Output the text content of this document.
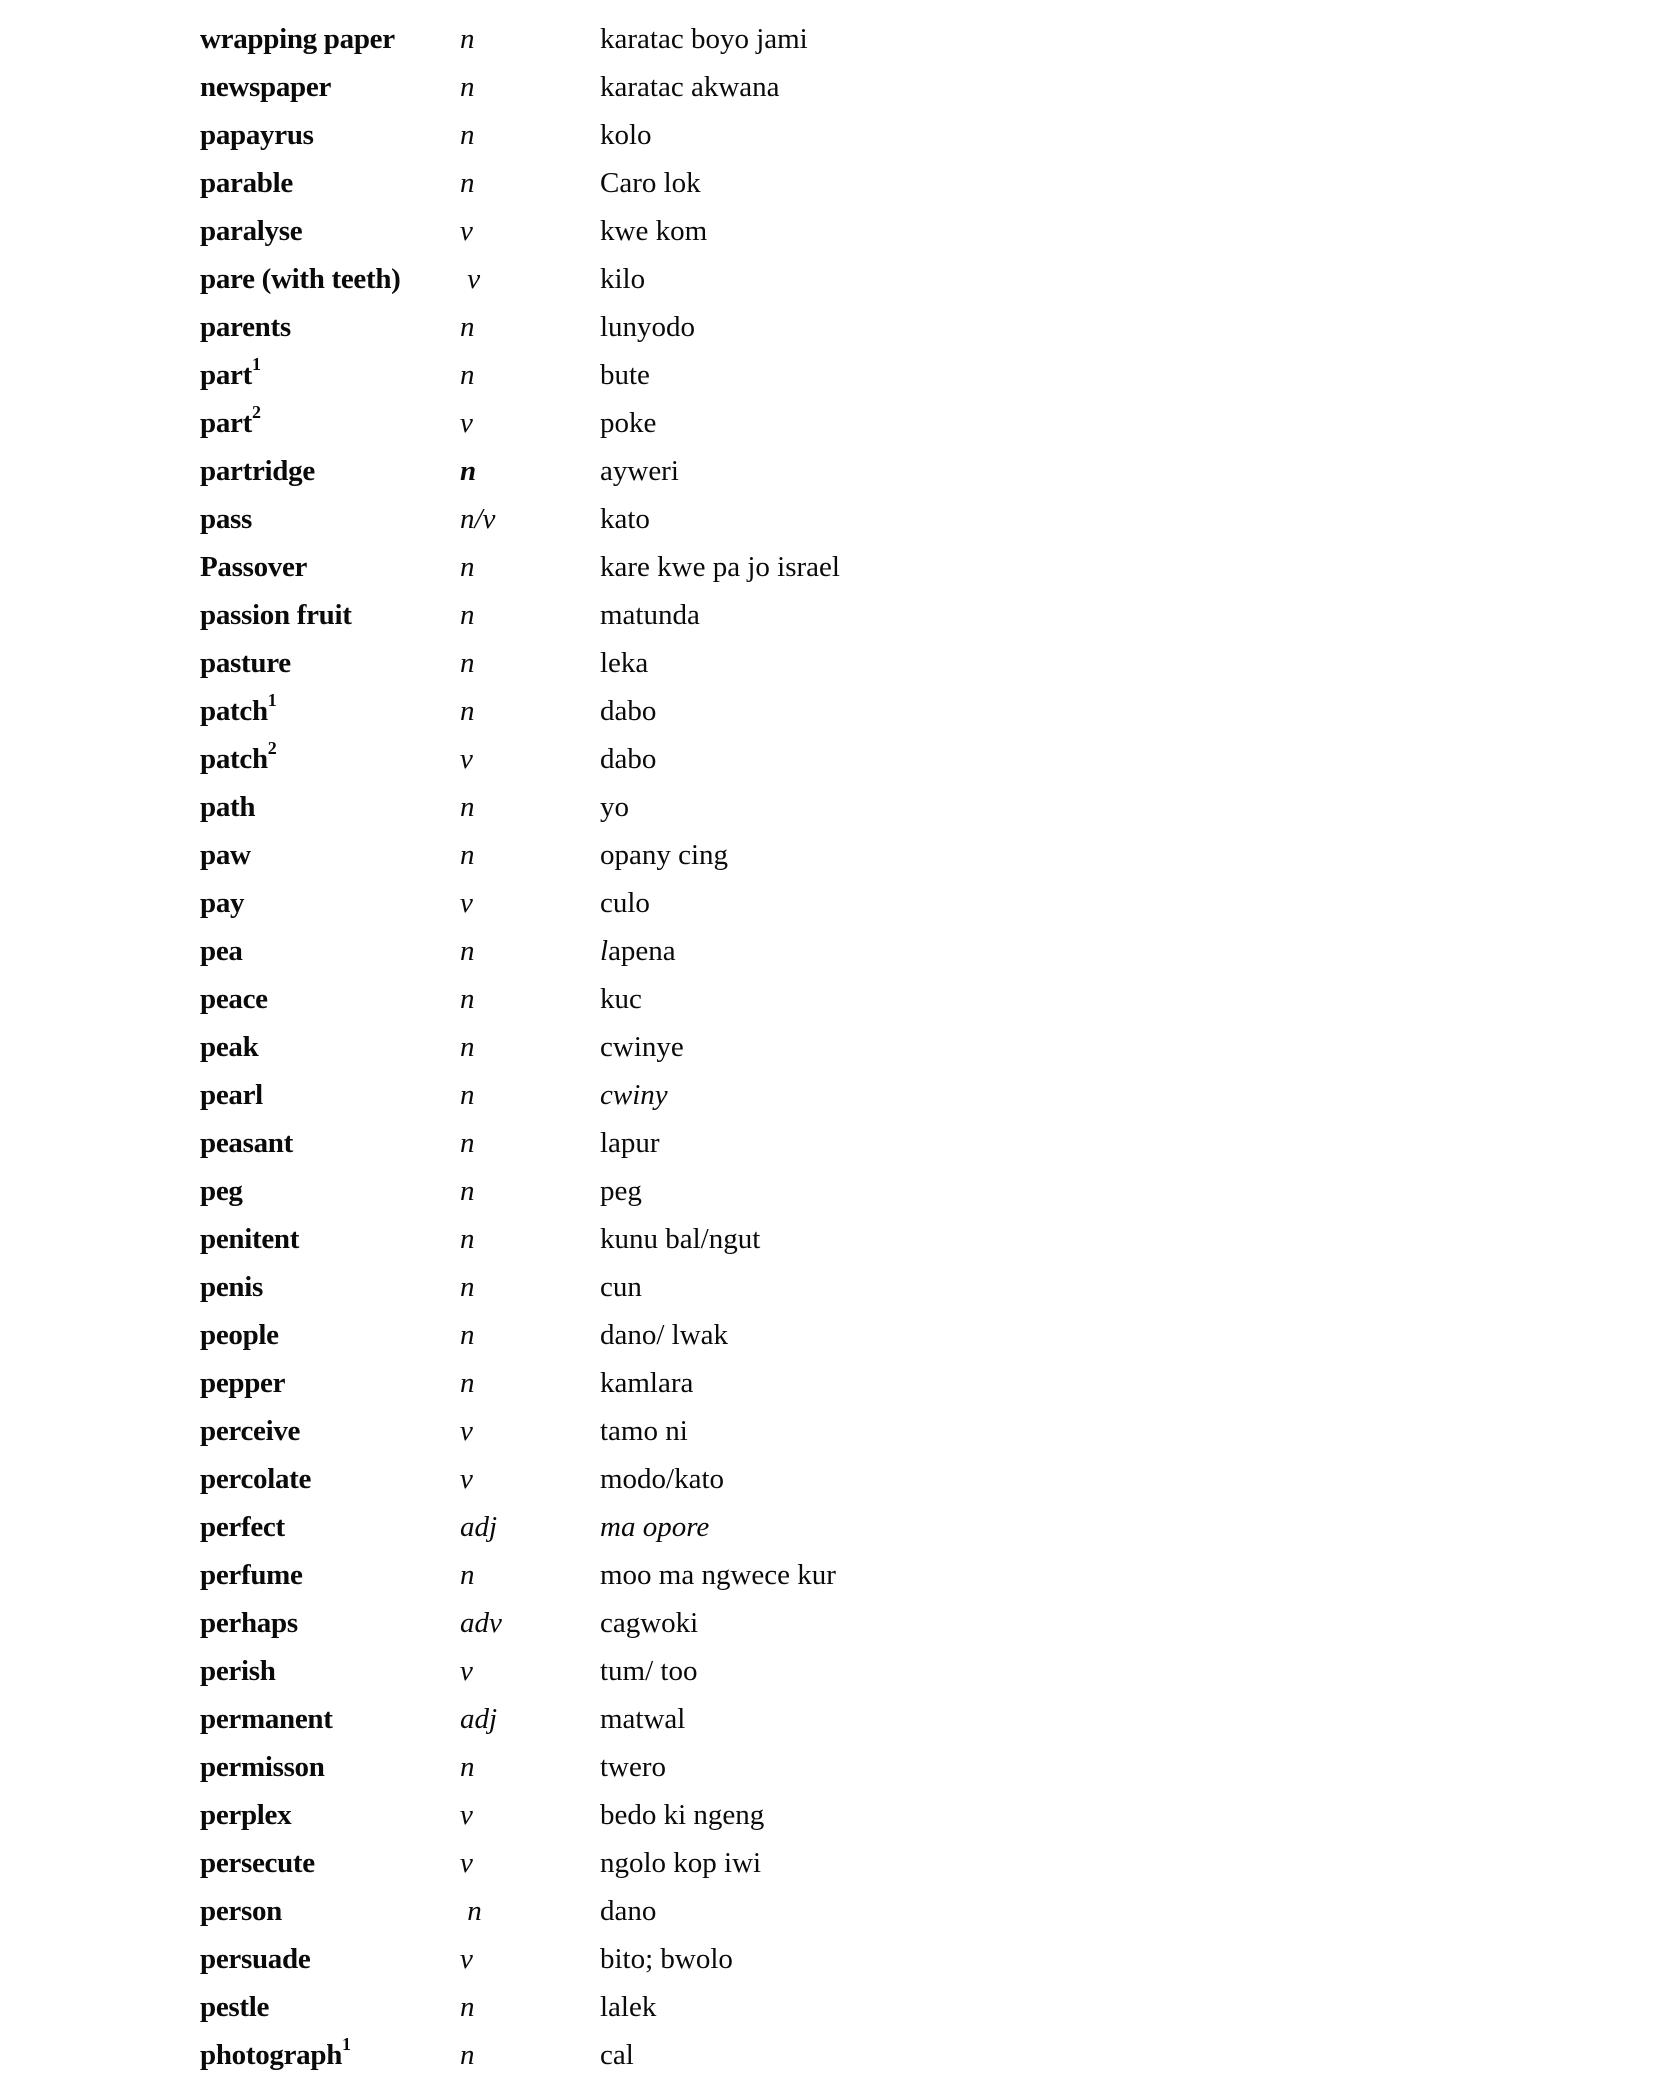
wrapping paper	n	karatac boyo jami
newspaper	n	karatac akwana
papayrus	n	kolo
parable	n	Caro lok
paralyse	v	kwe kom
pare (with teeth)	v	kilo
parents	n	lunyodo
part$^1$	n	bute
part$^2$	v	poke
partridge	n	ayweri
pass	n/v	kato
Passover	n	kare kwe pa jo israel
passion fruit	n	matunda
pasture	n	leka
patch$^1$	n	dabo
patch$^2$	v	dabo
path	n	yo
paw	n	opany cing
pay	v	culo
pea	n	lapena
peace	n	kuc
peak	n	cwinye
pearl	n	cwiny
peasant	n	lapur
peg	n	peg
penitent	n	kunu bal/ngut
penis	n	cun
people	n	dano/ lwak
pepper	n	kamlara
perceive	v	tamo ni
percolate	v	modo/kato
perfect	adj	ma opore
perfume	n	moo ma ngwece kur
perhaps	adv	cagwoki
perish	v	tum/ too
permanent	adj	matwal
permisson	n	twero
perplex	v	bedo ki ngeng
persecute	v	ngolo kop iwi
person	n	dano
persuade	v	bito; bwolo
pestle	n	lalek
photograph$^1$	n	cal
